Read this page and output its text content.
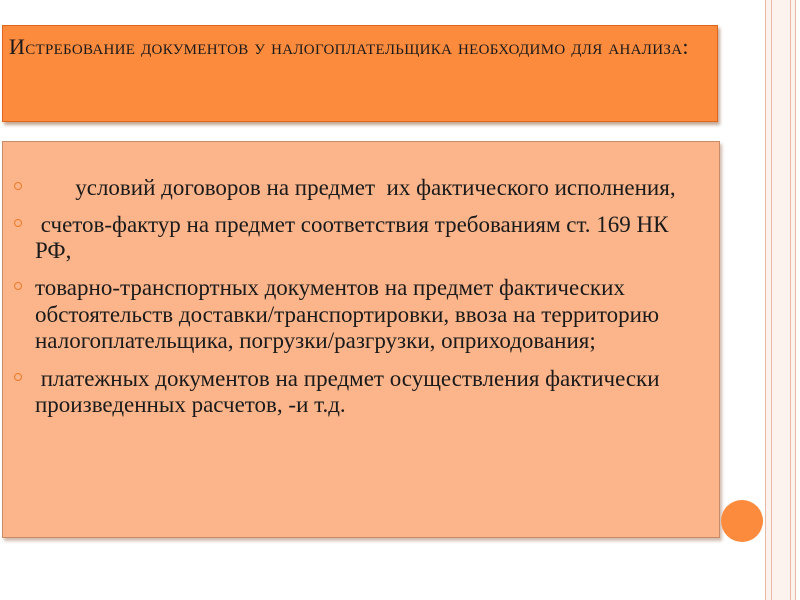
Истребование документов у налогоплательщика необходимо для анализа:
условий договоров на предмет  их фактического исполнения,
счетов-фактур на предмет соответствия требованиям ст. 169 НК РФ,
товарно-транспортных документов на предмет фактических обстоятельств доставки/транспортировки, ввоза на территорию налогоплательщика, погрузки/разгрузки, оприходования;
платежных документов на предмет осуществления фактически произведенных расчетов, -и т.д.
